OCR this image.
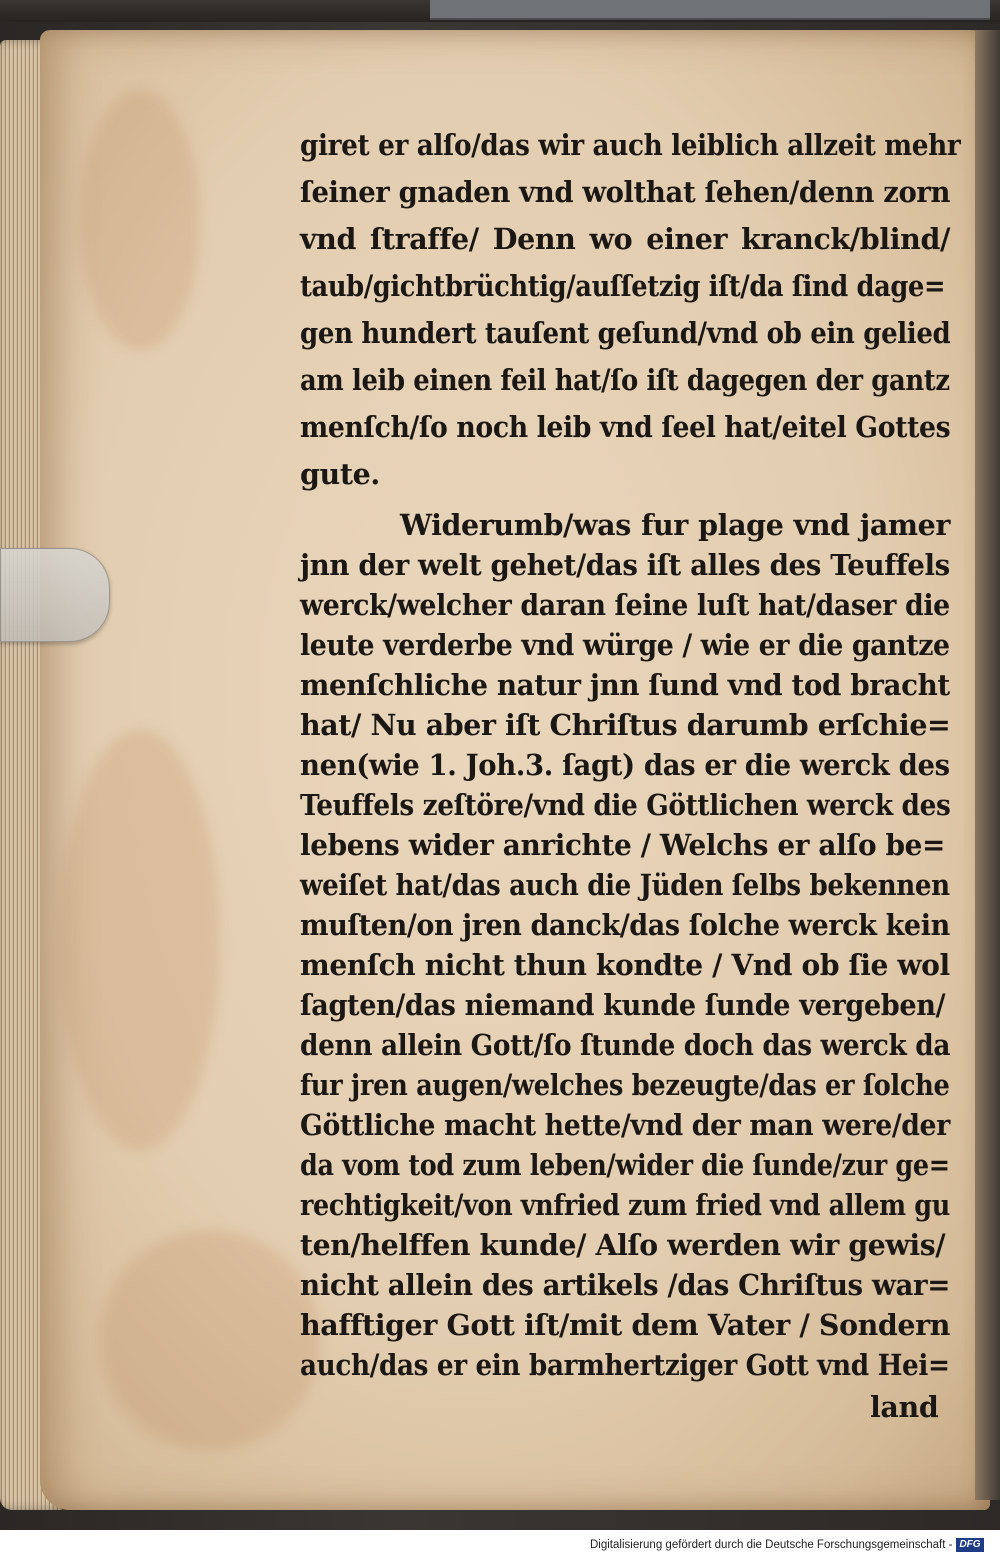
giret er alſo/das wir auch leiblich allzeit mehr
ſeiner gnaden vnd wolthat ſehen/denn zorn
vnd ſtraffe/ Denn wo einer kranck/blind/
taub/gichtbrüchtig/auſſetzig iſt/da ſind dage=
gen hundert tauſent geſund/vnd ob ein gelied
am leib einen feil hat/ſo iſt dagegen der gantz
menſch/ſo noch leib vnd ſeel hat/eitel Gottes
gute.
Widerumb/was fur plage vnd jamer
jnn der welt gehet/das iſt alles des Teuffels
werck/welcher daran ſeine luſt hat/daser die
leute verderbe vnd würge / wie er die gantze
menſchliche natur jnn ſund vnd tod bracht
hat/ Nu aber iſt Chriſtus darumb erſchie=
nen(wie 1. Joh.3. ſagt) das er die werck des
Teuffels zeſtöre/vnd die Göttlichen werck des
lebens wider anrichte / Welchs er alſo be=
weiſet hat/das auch die Jüden ſelbs bekennen
muſten/on jren danck/das ſolche werck kein
menſch nicht thun kondte / Vnd ob ſie wol
ſagten/das niemand kunde ſunde vergeben/
denn allein Gott/ſo ſtunde doch das werck da
fur jren augen/welches bezeugte/das er ſolche
Göttliche macht hette/vnd der man were/der
da vom tod zum leben/wider die ſunde/zur ge=
rechtigkeit/von vnfried zum fried vnd allem gu
ten/helffen kunde/ Alſo werden wir gewis/
nicht allein des artikels /das Chriſtus war=
hafftiger Gott iſt/mit dem Vater / Sondern
auch/das er ein barmhertziger Gott vnd Hei=
land
Digitalisierung gefördert durch die Deutsche Forschungsgemeinschaft - DFG
